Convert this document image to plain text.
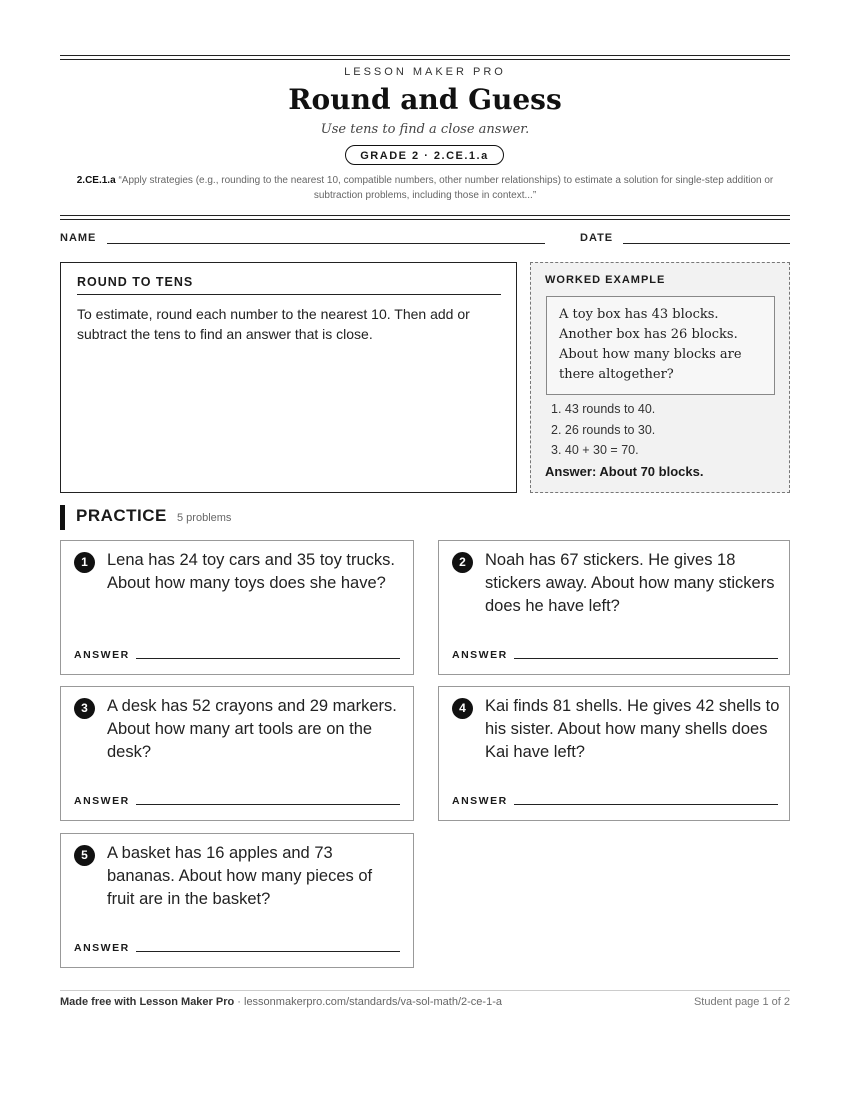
LESSON MAKER PRO
Round and Guess
Use tens to find a close answer.
GRADE 2 · 2.CE.1.a
2.CE.1.a “Apply strategies (e.g., rounding to the nearest 10, compatible numbers, other number relationships) to estimate a solution for single-step addition or subtraction problems, including those in context...”
NAME	DATE
ROUND TO TENS
To estimate, round each number to the nearest 10. Then add or subtract the tens to find an answer that is close.
WORKED EXAMPLE
A toy box has 43 blocks. Another box has 26 blocks. About how many blocks are there altogether?
1. 43 rounds to 40.
2. 26 rounds to 30.
3. 40 + 30 = 70.
Answer: About 70 blocks.
PRACTICE 5 problems
1	Lena has 24 toy cars and 35 toy trucks. About how many toys does she have?
ANSWER
2	Noah has 67 stickers. He gives 18 stickers away. About how many stickers does he have left?
ANSWER
3	A desk has 52 crayons and 29 markers. About how many art tools are on the desk?
ANSWER
4	Kai finds 81 shells. He gives 42 shells to his sister. About how many shells does Kai have left?
ANSWER
5	A basket has 16 apples and 73 bananas. About how many pieces of fruit are in the basket?
ANSWER
Made free with Lesson Maker Pro · lessonmakerpro.com/standards/va-sol-math/2-ce-1-a	Student page 1 of 2
